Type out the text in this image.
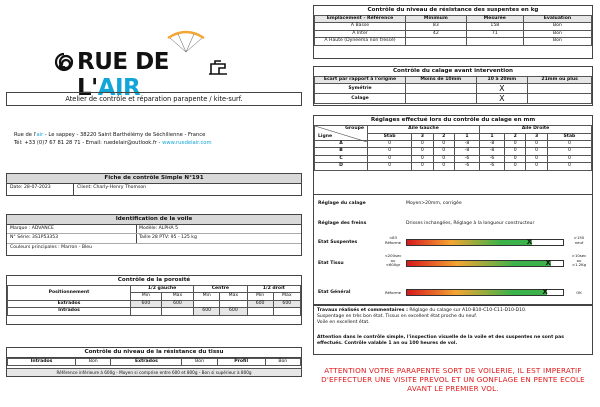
RUE DE L'AIR
Atelier de contrôle et réparation parapente / kite-surf.
Rue de l'air - Le sappey - 38220 Saint Barthélémy de Séchilienne - France
Tél: +33 (0)7 67 81 28 71 - Email: ruedelair@outlook.fr - www.ruedelair.com
Fiche de contrôle Simple N°191
Date: 28-07-2023	Client: Charly-Henry Thomson
Identification de la voile
Marque : ADVANCE	Modèle: ALPHA 5
N° Série: 3S1P53353	Taille 28 PTV: 95 - 125 kg
Couleurs principales : Marron - Bleu
Contrôle de la porosité
Positionnement	1/2 gauche		Centre		1/2 droit	
	Min	Max	Min	Max	Min	Max
Extrados	600	600			600	600
Intrados			600	600		
Contrôle du niveau de la résistance du tissu
Intrados	Bon	Extrados	Bon	Profil	Bon
Référence inférieure à 600g - Moyen si comprise entre 600 et 800g - Bon si supérieur à 800g
Contrôle du niveau de résistance des suspentes en kg
Emplacement - Référence	Minimum	Mesurée	Evaluation
A Basse	83	158	Bon
A Inter	42	71	Bon
A Haute (Dyneema non tressé)			Bon
Contrôle du calage avant intervention
Ecart par rapport à l'origine	Moins de 10mm	10 à 20mm	21mm ou plus
Symétrie		X	
Calage		X	
Réglages effectué lors du contrôle du calage en mm
Groupe
Ligne	Aile Gauche				Aile Droite			
	Stab	3	2	1	1	2	3	Stab
A	0	0	0	-8	-8	0	0	0
B	0	0	0	-8	-8	0	0	0
C	0	0	0	-6	-6	0	0	0
D	0	0	0	-6	-6	0	0	0
Réglage du calage	Moyen>20mm, corrigée
Réglage des freins	Drisses inchangées, Réglage à la longueur constructeur
Etat Suspentes
<83
Réforme	X
>150
neuf
Etat Tissu
<200sec
ou
<600gr	X
>10sec
ou
>1.2Kg
Etat Général	Réforme	X	OK
Travaux réalisés et commentaires : Réglage du calage sur A10-B10-C10-C11-D10-D10.
Suspentage en très bon état. Tissus en excellent état proche du neuf.
Voile en excellent état.
Attention dans le contrôle simple, l'inspection visuelle de la voile et des suspentes ne sont pas effectués. Contrôle valable 1 an ou 100 heures de vol.
ATTENTION VOTRE PARAPENTE SORT DE VOILERIE, IL EST IMPERATIF D'EFFECTUER UNE VISITE PREVOL ET UN GONFLAGE EN PENTE ECOLE AVANT LE PREMIER VOL.
